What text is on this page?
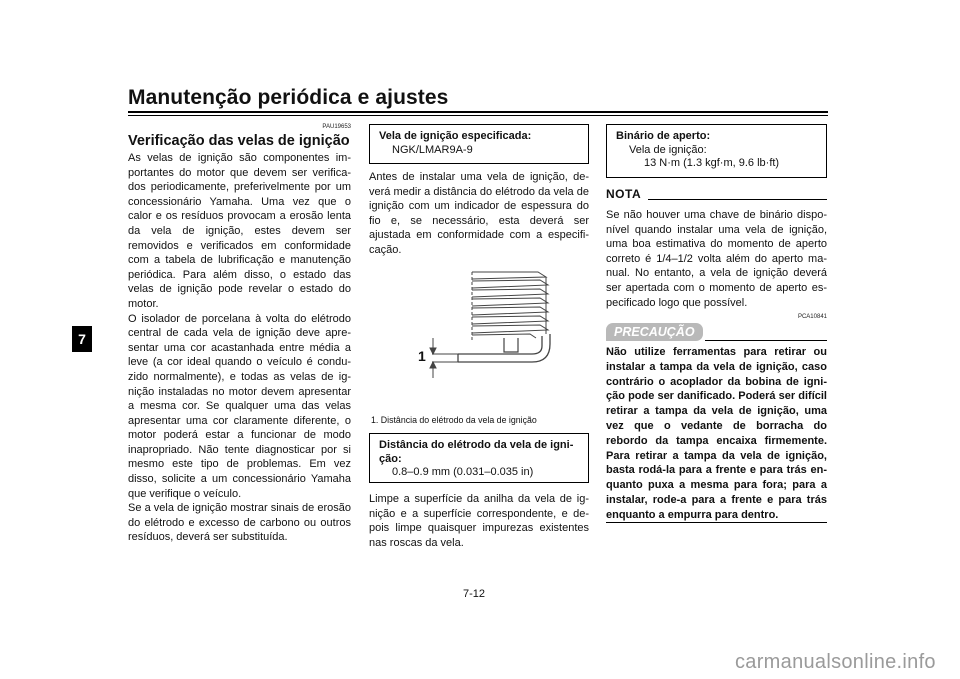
Manutenção periódica e ajustes
7
PAU19653
Verificação das velas de ignição

As velas de ignição são componentes importantes do motor que devem ser verificados periodicamente, preferivelmente por um concessionário Yamaha. Uma vez que o calor e os resíduos provocam a erosão lenta da vela de ignição, estes devem ser removidos e verificados em conformidade com a tabela de lubrificação e manutenção periódica. Para além disso, o estado das velas de ignição pode revelar o estado do motor.

O isolador de porcelana à volta do elétrodo central de cada vela de ignição deve apresentar uma cor acastanhada entre média a leve (a cor ideal quando o veículo é conduzido normalmente), e todas as velas de ignição instaladas no motor devem apresentar a mesma cor. Se qualquer uma das velas apresentar uma cor claramente diferente, o motor poderá estar a funcionar de modo inapropriado. Não tente diagnosticar por si mesmo este tipo de problemas. Em vez disso, solicite a um concessionário Yamaha que verifique o veículo.

Se a vela de ignição mostrar sinais de erosão do elétrodo e excesso de carbono ou outros resíduos, deverá ser substituída.

Vela de ignição especificada:
NGK/LMAR9A-9
Antes de instalar uma vela de ignição, deverá medir a distância do elétrodo da vela de ignição com um indicador de espessura do fio e, se necessário, esta deverá ser ajustada em conformidade com a especificação.
1
1. Distância do elétrodo da vela de ignição
Distância do elétrodo da vela de ignição:
0.8–0.9 mm (0.031–0.035 in)
Limpe a superfície da anilha da vela de ignição e a superfície correspondente, e depois limpe quaisquer impurezas existentes nas roscas da vela.
Binário de aperto:
Vela de ignição:
13 N·m (1.3 kgf·m, 9.6 lb·ft)
NOTA
Se não houver uma chave de binário disponível quando instalar uma vela de ignição, uma boa estimativa do momento de aperto correto é 1/4–1/2 volta além do aperto manual. No entanto, a vela de ignição deverá ser apertada com o momento de aperto especificado logo que possível.
PCA10841
PRECAUÇÃO
Não utilize ferramentas para retirar ou instalar a tampa da vela de ignição, caso contrário o acoplador da bobina de ignição pode ser danificado. Poderá ser difícil retirar a tampa da vela de ignição, uma vez que o vedante de borracha do rebordo da tampa encaixa firmemente. Para retirar a tampa da vela de ignição, basta rodá-la para a frente e para trás enquanto puxa a mesma para fora; para a instalar, rode-a para a frente e para trás enquanto a empurra para dentro.
7-12
carmanualsonline.info
